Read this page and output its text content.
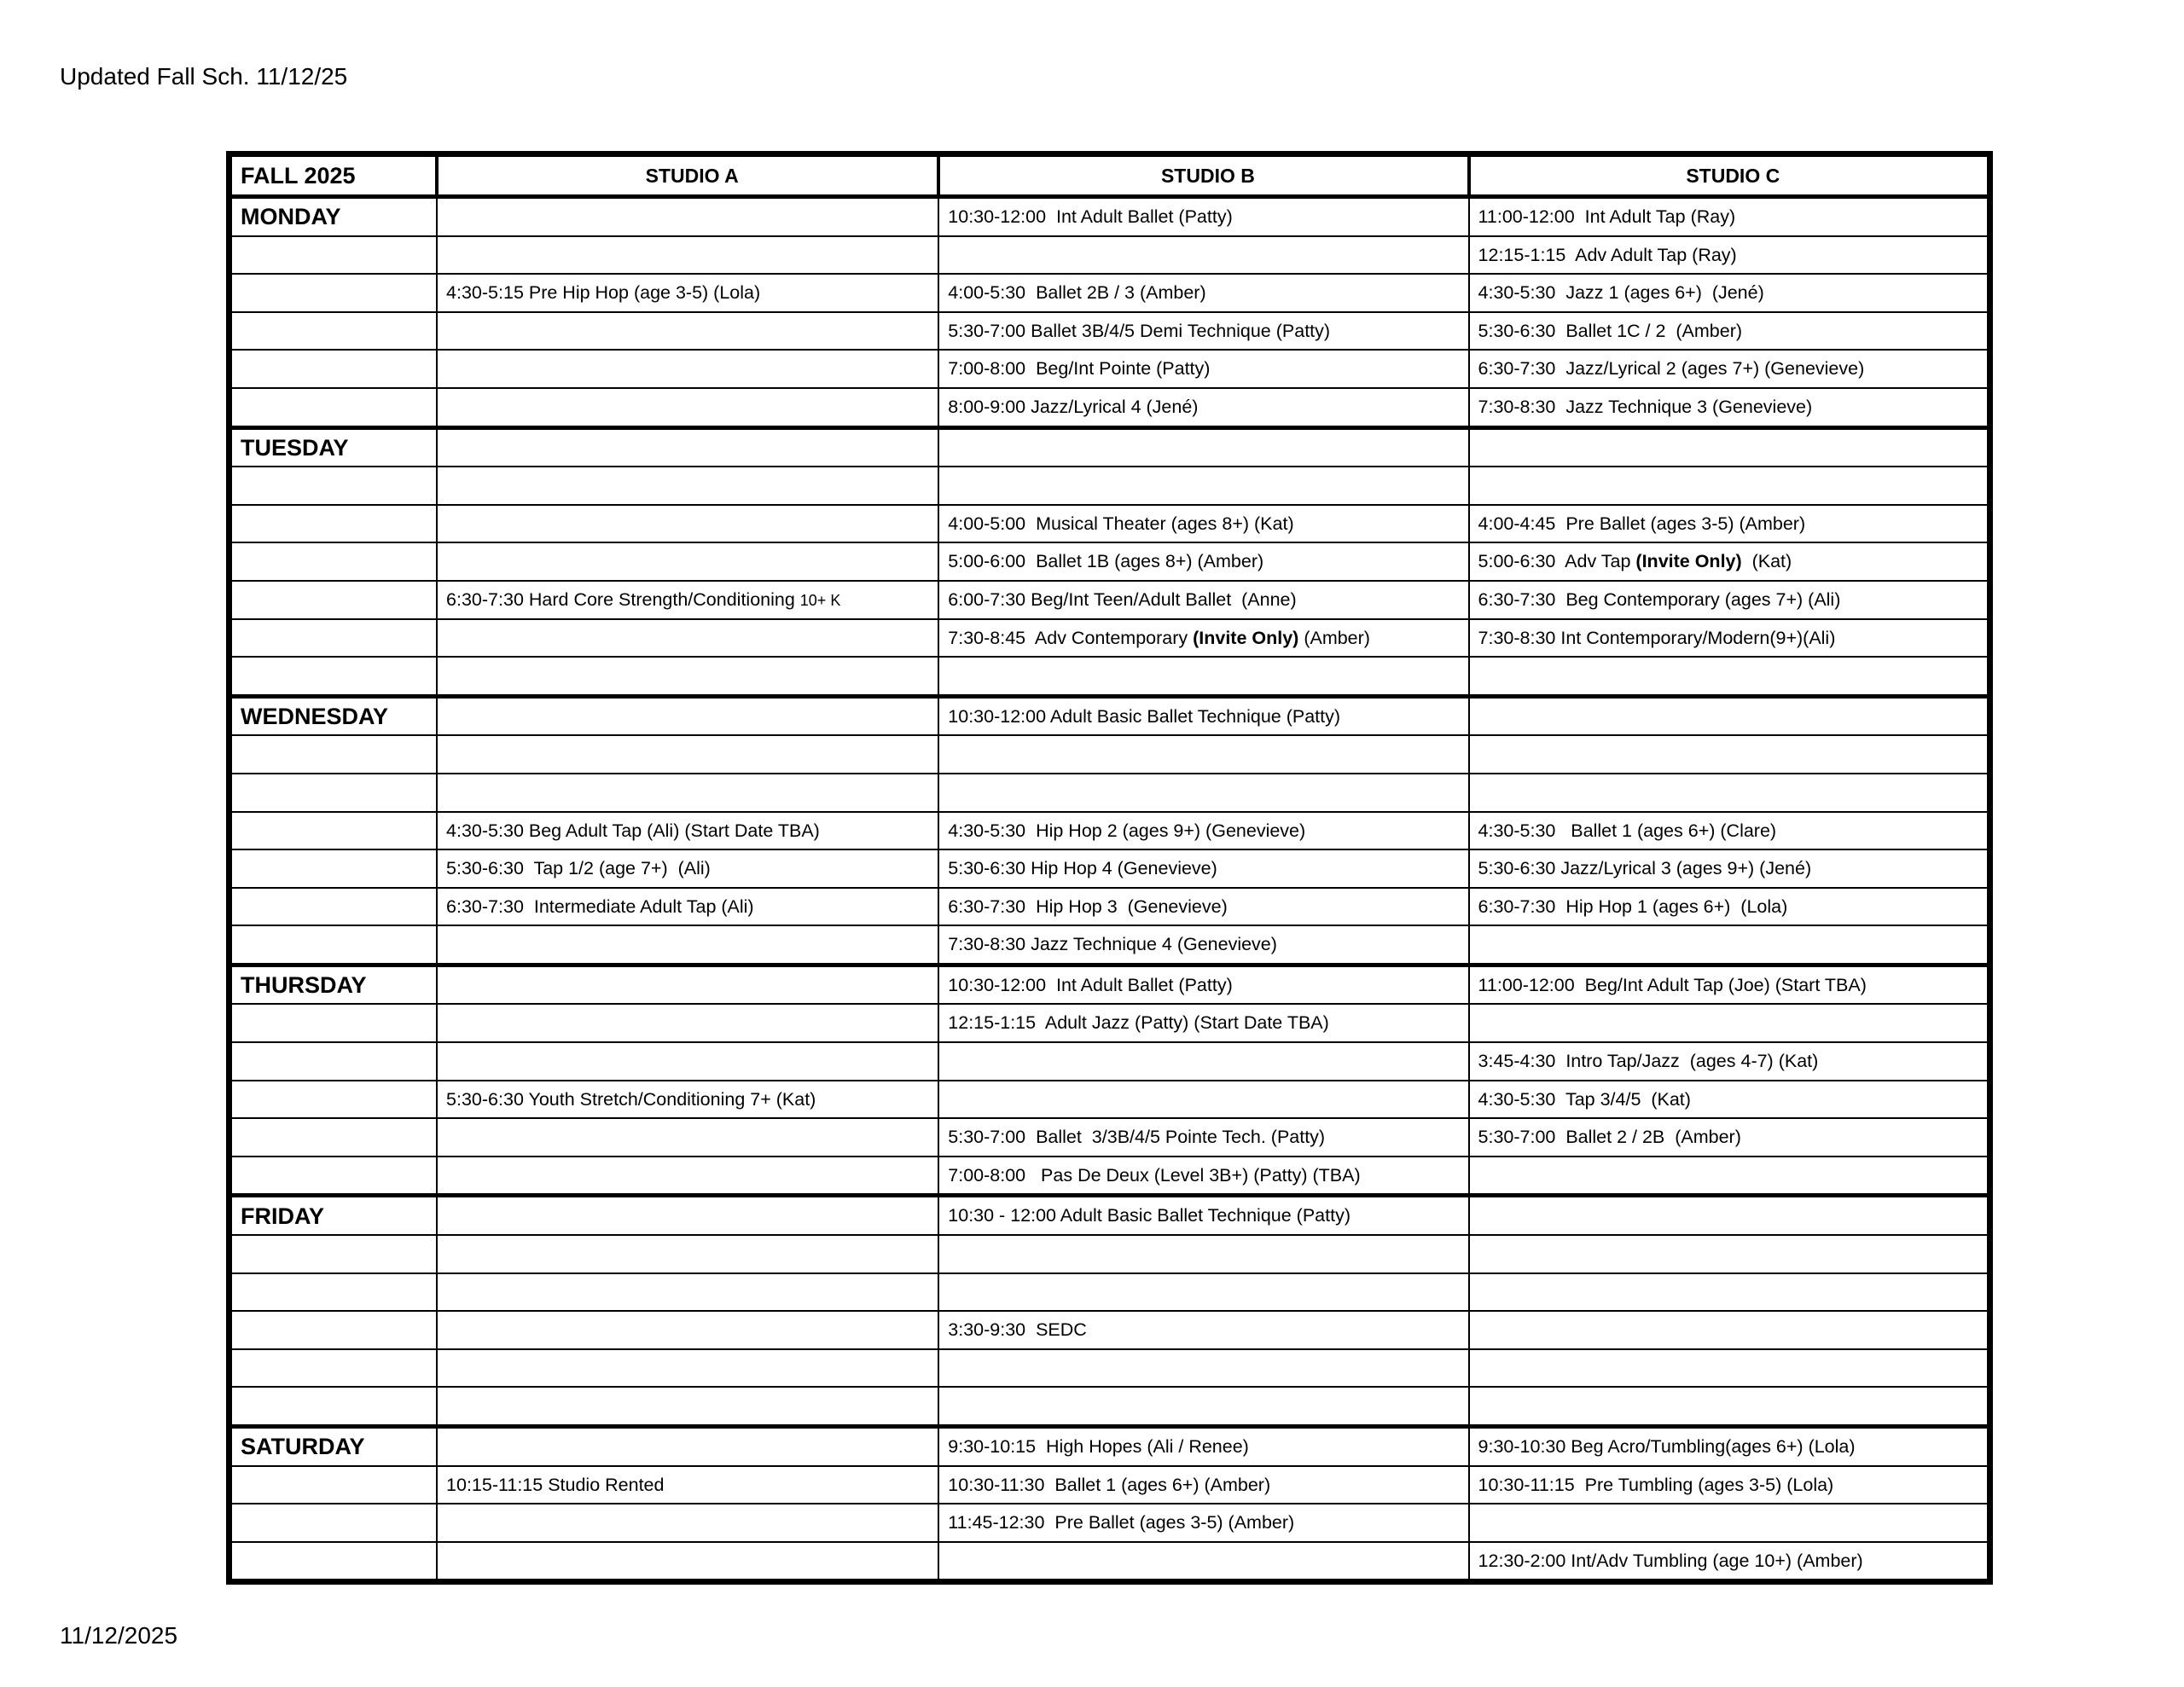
Updated Fall Sch. 11/12/25
FALL 2025	STUDIO A	STUDIO B	STUDIO C
MONDAY		10:30-12:00  Int Adult Ballet (Patty)	11:00-12:00  Int Adult Tap (Ray)
			12:15-1:15  Adv Adult Tap (Ray)
	4:30-5:15 Pre Hip Hop (age 3-5) (Lola)	4:00-5:30  Ballet 2B / 3 (Amber)	4:30-5:30  Jazz 1 (ages 6+)  (Jené)
		5:30-7:00 Ballet 3B/4/5 Demi Technique (Patty)	5:30-6:30  Ballet 1C / 2  (Amber)
		7:00-8:00  Beg/Int Pointe (Patty)	6:30-7:30  Jazz/Lyrical 2 (ages 7+) (Genevieve)
		8:00-9:00 Jazz/Lyrical 4 (Jené)	7:30-8:30  Jazz Technique 3 (Genevieve)
TUESDAY			

		4:00-5:00  Musical Theater (ages 8+) (Kat)	4:00-4:45  Pre Ballet (ages 3-5) (Amber)
		5:00-6:00  Ballet 1B (ages 8+) (Amber)	5:00-6:30  Adv Tap (Invite Only)  (Kat)
	6:30-7:30 Hard Core Strength/Conditioning 10+ K	6:00-7:30 Beg/Int Teen/Adult Ballet  (Anne)	6:30-7:30  Beg Contemporary (ages 7+) (Ali)
		7:30-8:45  Adv Contemporary (Invite Only) (Amber)	7:30-8:30 Int Contemporary/Modern(9+)(Ali)

WEDNESDAY		10:30-12:00 Adult Basic Ballet Technique (Patty)	

	4:30-5:30 Beg Adult Tap (Ali) (Start Date TBA)	4:30-5:30  Hip Hop 2 (ages 9+) (Genevieve)	4:30-5:30   Ballet 1 (ages 6+) (Clare)
	5:30-6:30  Tap 1/2 (age 7+)  (Ali)	5:30-6:30 Hip Hop 4 (Genevieve)	5:30-6:30 Jazz/Lyrical 3 (ages 9+) (Jené)
	6:30-7:30  Intermediate Adult Tap (Ali)	6:30-7:30  Hip Hop 3  (Genevieve)	6:30-7:30  Hip Hop 1 (ages 6+)  (Lola)
		7:30-8:30 Jazz Technique 4 (Genevieve)	
THURSDAY		10:30-12:00  Int Adult Ballet (Patty)	11:00-12:00  Beg/Int Adult Tap (Joe) (Start TBA)
		12:15-1:15  Adult Jazz (Patty) (Start Date TBA)	
			3:45-4:30  Intro Tap/Jazz  (ages 4-7) (Kat)
	5:30-6:30 Youth Stretch/Conditioning 7+ (Kat)		4:30-5:30  Tap 3/4/5  (Kat)
		5:30-7:00  Ballet  3/3B/4/5 Pointe Tech. (Patty)	5:30-7:00  Ballet 2 / 2B  (Amber)
		7:00-8:00   Pas De Deux (Level 3B+) (Patty) (TBA)	
FRIDAY		10:30 - 12:00 Adult Basic Ballet Technique (Patty)	

		3:30-9:30  SEDC	

SATURDAY		9:30-10:15  High Hopes (Ali / Renee)	9:30-10:30 Beg Acro/Tumbling(ages 6+) (Lola)
	10:15-11:15 Studio Rented	10:30-11:30  Ballet 1 (ages 6+) (Amber)	10:30-11:15  Pre Tumbling (ages 3-5) (Lola)
		11:45-12:30  Pre Ballet (ages 3-5) (Amber)	
			12:30-2:00 Int/Adv Tumbling (age 10+) (Amber)
11/12/2025
